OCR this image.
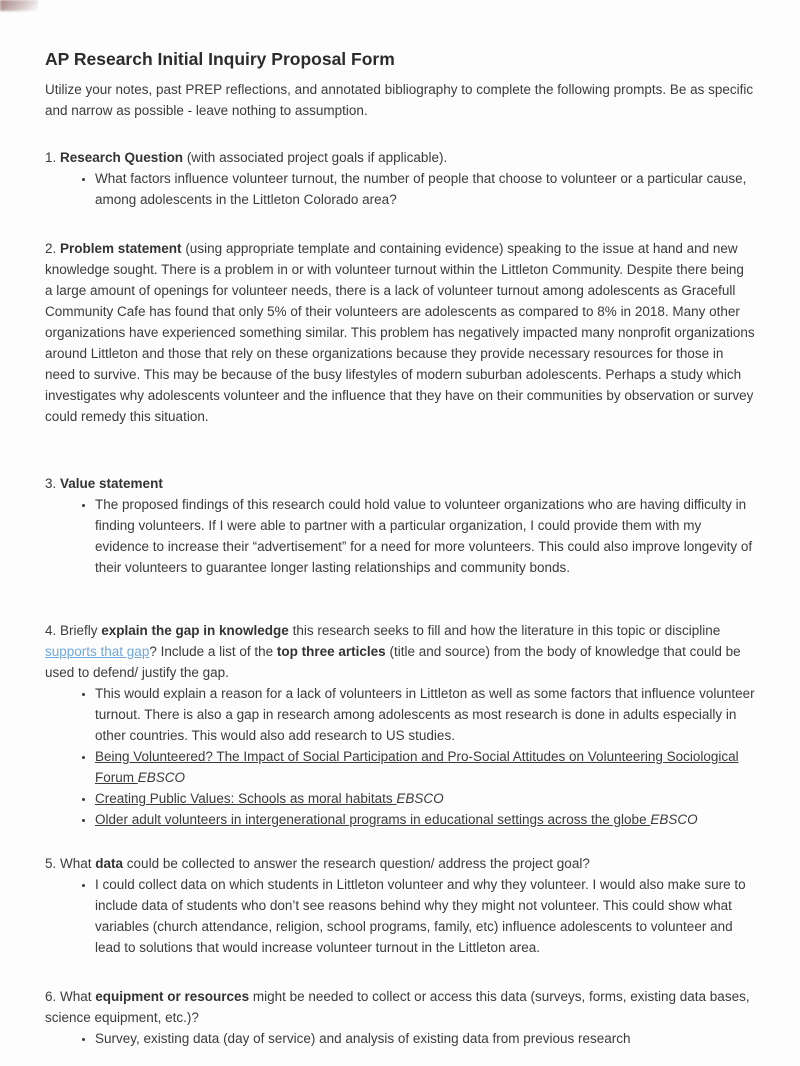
AP Research Initial Inquiry Proposal Form

Utilize your notes, past PREP reflections, and annotated bibliography to complete the following prompts. Be as specific and narrow as possible - leave nothing to assumption.

1. Research Question (with associated project goals if applicable).

• What factors influence volunteer turnout, the number of people that choose to volunteer or a particular cause, among adolescents in the Littleton Colorado area?

2. Problem statement (using appropriate template and containing evidence) speaking to the issue at hand and new knowledge sought. There is a problem in or with volunteer turnout within the Littleton Community. Despite there being a large amount of openings for volunteer needs, there is a lack of volunteer turnout among adolescents as Gracefull Community Cafe has found that only 5% of their volunteers are adolescents as compared to 8% in 2018. Many other organizations have experienced something similar. This problem has negatively impacted many nonprofit organizations around Littleton and those that rely on these organizations because they provide necessary resources for those in need to survive. This may be because of the busy lifestyles of modern suburban adolescents. Perhaps a study which investigates why adolescents volunteer and the influence that they have on their communities by observation or survey could remedy this situation.

3. Value statement

• The proposed findings of this research could hold value to volunteer organizations who are having difficulty in finding volunteers. If I were able to partner with a particular organization, I could provide them with my evidence to increase their “advertisement” for a need for more volunteers. This could also improve longevity of their volunteers to guarantee longer lasting relationships and community bonds.

4. Briefly explain the gap in knowledge this research seeks to fill and how the literature in this topic or discipline supports that gap? Include a list of the top three articles (title and source) from the body of knowledge that could be used to defend/ justify the gap.

• This would explain a reason for a lack of volunteers in Littleton as well as some factors that influence volunteer turnout. There is also a gap in research among adolescents as most research is done in adults especially in other countries. This would also add research to US studies.
• Being Volunteered? The Impact of Social Participation and Pro-Social Attitudes on Volunteering Sociological Forum EBSCO
• Creating Public Values: Schools as moral habitats EBSCO
• Older adult volunteers in intergenerational programs in educational settings across the globe EBSCO

5. What data could be collected to answer the research question/ address the project goal?

• I could collect data on which students in Littleton volunteer and why they volunteer. I would also make sure to include data of students who don’t see reasons behind why they might not volunteer. This could show what variables (church attendance, religion, school programs, family, etc) influence adolescents to volunteer and lead to solutions that would increase volunteer turnout in the Littleton area.

6. What equipment or resources might be needed to collect or access this data (surveys, forms, existing data bases, science equipment, etc.)?

• Survey, existing data (day of service) and analysis of existing data from previous research
